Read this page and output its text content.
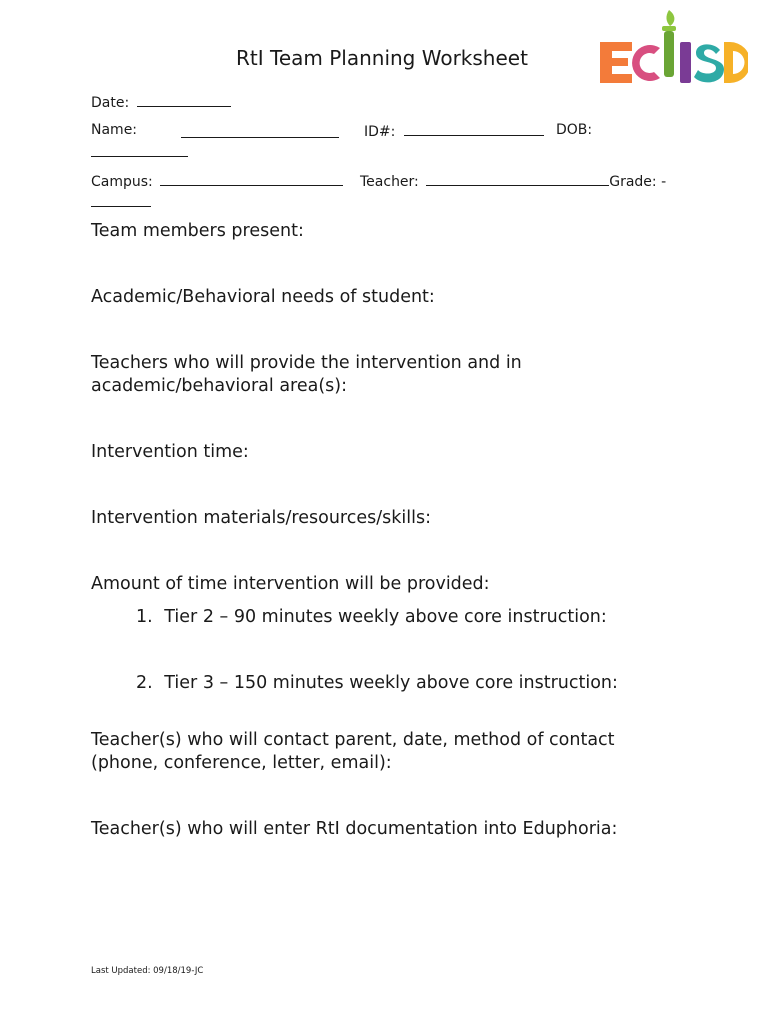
RtI Team Planning Worksheet
Date:
Name:	ID#:	DOB:
Campus:	Teacher:	Grade: -
Team members present:
Academic/Behavioral needs of student:
Teachers who will provide the intervention and in
academic/behavioral area(s):
Intervention time:
Intervention materials/resources/skills:
Amount of time intervention will be provided:
1. Tier 2 – 90 minutes weekly above core instruction:
2. Tier 3 – 150 minutes weekly above core instruction:
Teacher(s) who will contact parent, date, method of contact
(phone, conference, letter, email):
Teacher(s) who will enter RtI documentation into Eduphoria:
Last Updated: 09/18/19-JC
